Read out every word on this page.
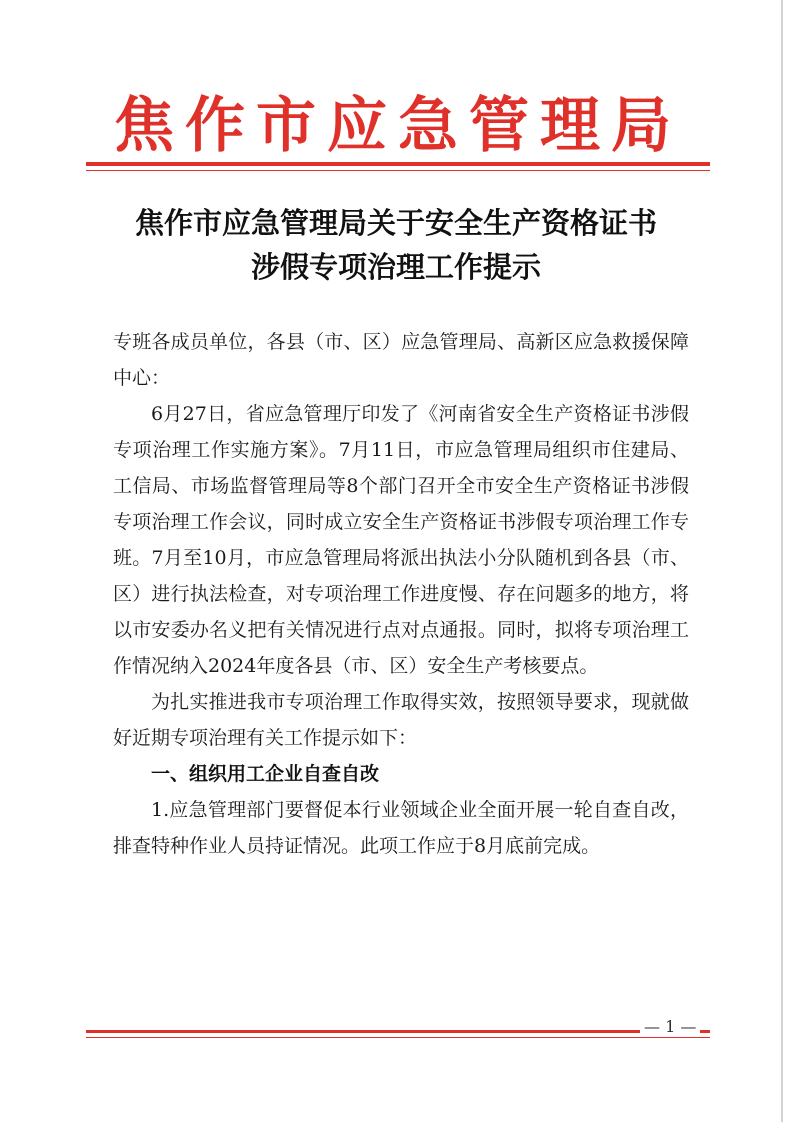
焦作市应急管理局
焦作市应急管理局关于安全生产资格证书
涉假专项治理工作提示

专班各成员单位，各县（市、区）应急管理局、高新区应急救援保障中心：

6月27日，省应急管理厅印发了《河南省安全生产资格证书涉假专项治理工作实施方案》。7月11日，市应急管理局组织市住建局、工信局、市场监督管理局等8个部门召开全市安全生产资格证书涉假专项治理工作会议，同时成立安全生产资格证书涉假专项治理工作专班。7月至10月，市应急管理局将派出执法小分队随机到各县（市、区）进行执法检查，对专项治理工作进度慢、存在问题多的地方，将以市安委办名义把有关情况进行点对点通报。同时，拟将专项治理工作情况纳入2024年度各县（市、区）安全生产考核要点。

为扎实推进我市专项治理工作取得实效，按照领导要求，现就做好近期专项治理有关工作提示如下：

一、组织用工企业自查自改

1.应急管理部门要督促本行业领域企业全面开展一轮自查自改，排查特种作业人员持证情况。此项工作应于8月底前完成。

— 1 —
